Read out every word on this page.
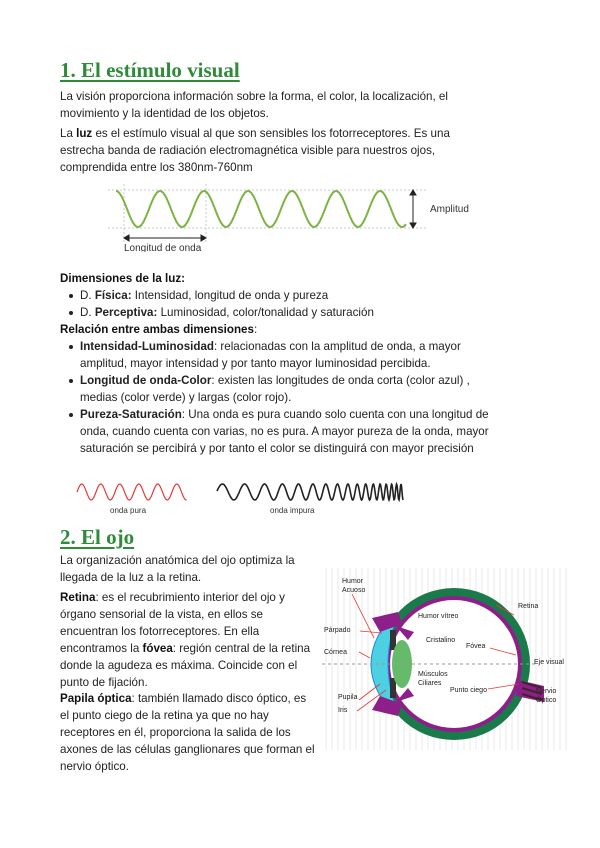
1. El estímulo visual
La visión proporciona información sobre la forma, el color, la localización, el movimiento y la identidad de los objetos.
La luz es el estímulo visual al que son sensibles los fotorreceptores. Es una estrecha banda de radiación electromagnética visible para nuestros ojos, comprendida entre los 380nm-760nm
Amplitud
Longitud de onda
Dimensiones de la luz:
D. Física: Intensidad, longitud de onda y pureza
D. Perceptiva: Luminosidad, color/tonalidad y saturación
Relación entre ambas dimensiones:
Intensidad-Luminosidad: relacionadas con la amplitud de onda, a mayor amplitud, mayor intensidad y por tanto mayor luminosidad percibida.
Longitud de onda-Color: existen las longitudes de onda corta (color azul) , medias (color verde) y largas (color rojo).
Pureza-Saturación: Una onda es pura cuando solo cuenta con una longitud de onda, cuando cuenta con varias, no es pura. A mayor pureza de la onda, mayor saturación se percibirá y por tanto el color se distinguirá con mayor precisión
onda pura	onda impura
2. El ojo
La organización anatómica del ojo optimiza la llegada de la luz a la retina.
Retina: es el recubrimiento interior del ojo y órgano sensorial de la vista, en ellos se encuentran los fotorreceptores. En ella encontramos la fóvea: región central de la retina donde la agudeza es máxima. Coincide con el punto de fijación.
Papila óptica: también llamado disco óptico, es el punto ciego de la retina ya que no hay receptores en él, proporciona la salida de los axones de las células ganglionares que forman el nervio óptico.
Humor
Acuoso
Humor vítreo
Retina
Párpado
Cristalino
Fóvea
Córnea
Eje visual
Músculos
Ciliares
Pupila
Punto ciego	Nervio
Óptico
Iris
